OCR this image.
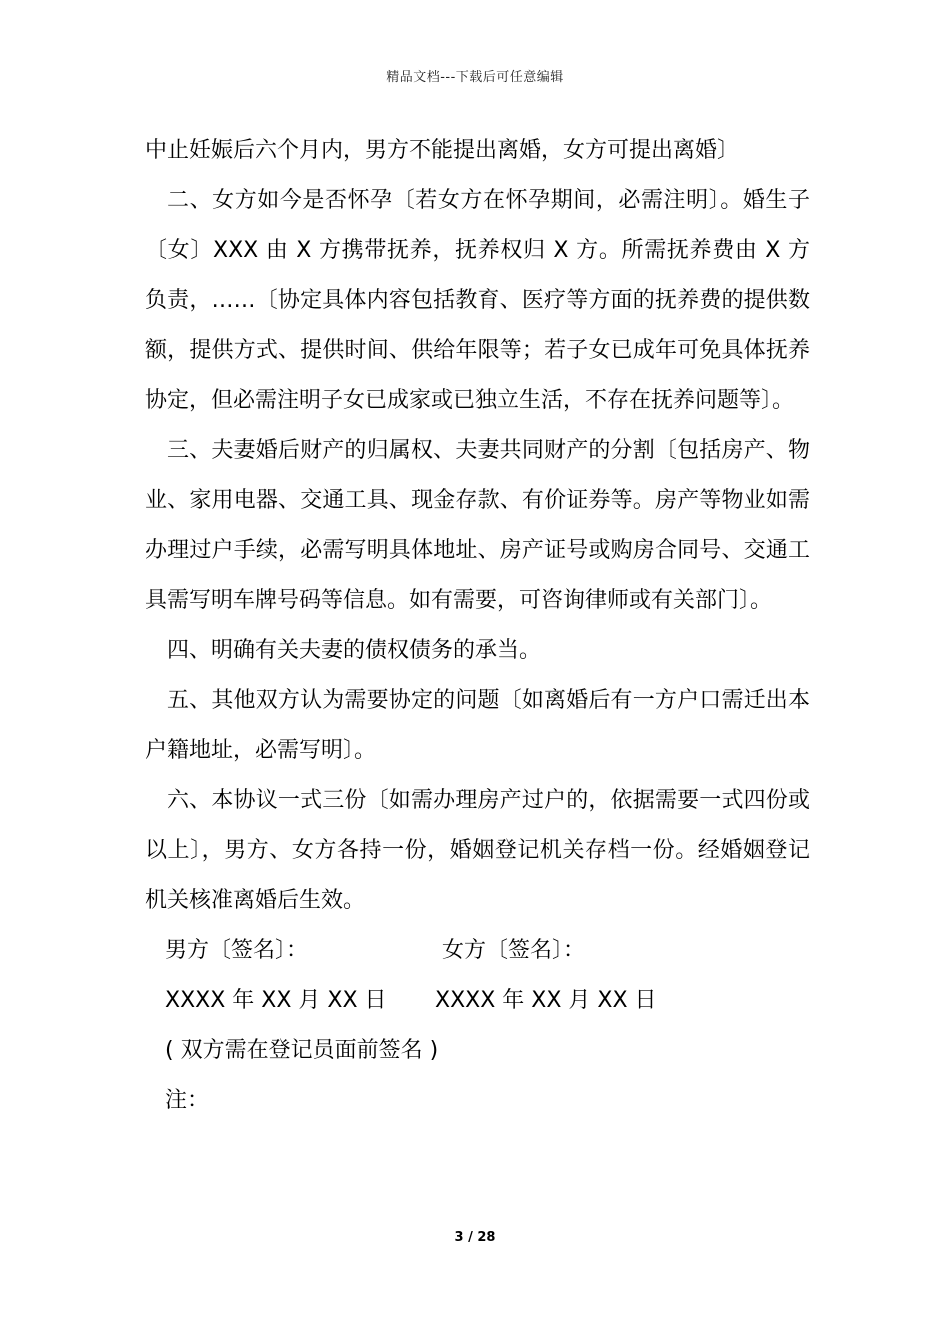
精品文档---下载后可任意编辑

中止妊娠后六个月内，男方不能提出离婚，女方可提出离婚〕

二、女方如今是否怀孕〔若女方在怀孕期间，必需注明〕。婚生子〔女〕XXX 由 X 方携带抚养，抚养权归 X 方。所需抚养费由 X 方负责，……〔协定具体内容包括教育、医疗等方面的抚养费的提供数额，提供方式、提供时间、供给年限等；若子女已成年可免具体抚养协定，但必需注明子女已成家或已独立生活，不存在抚养问题等〕。

三、夫妻婚后财产的归属权、夫妻共同财产的分割〔包括房产、物业、家用电器、交通工具、现金存款、有价证券等。房产等物业如需办理过户手续，必需写明具体地址、房产证号或购房合同号、交通工具需写明车牌号码等信息。如有需要，可咨询律师或有关部门〕。

四、明确有关夫妻的债权债务的承当。

五、其他双方认为需要协定的问题〔如离婚后有一方户口需迁出本户籍地址，必需写明〕。

六、本协议一式三份〔如需办理房产过户的，依据需要一式四份或以上〕，男方、女方各持一份，婚姻登记机关存档一份。经婚姻登记机关核准离婚后生效。

男方〔签名〕：	女方〔签名〕：
XXXX 年 XX 月 XX 日 XXXX 年 XX 月 XX 日
( 双方需在登记员面前签名 )
注：
3 / 28
